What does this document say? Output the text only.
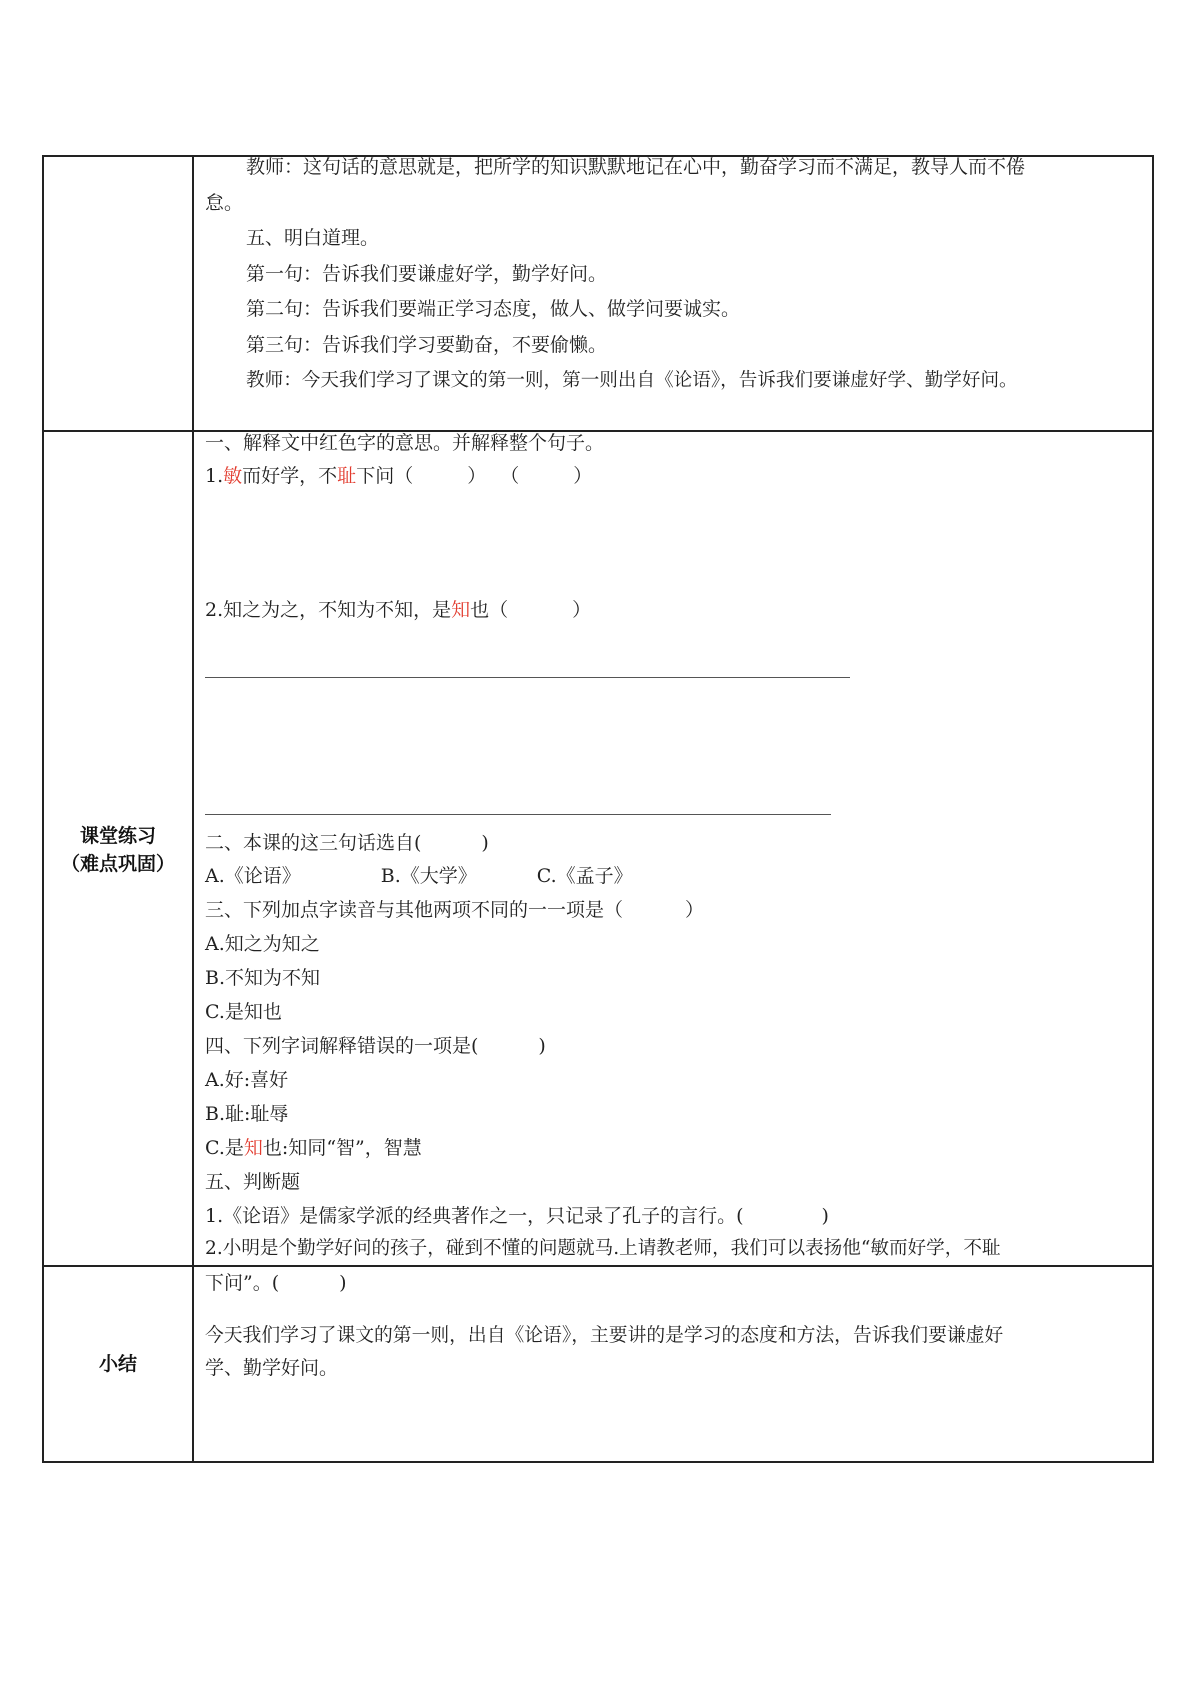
教师：这句话的意思就是，把所学的知识默默地记在心中，勤奋学习而不满足，教导人而不倦
怠。
五、明白道理。
第一句：告诉我们要谦虚好学，勤学好问。
第二句：告诉我们要端正学习态度，做人、做学问要诚实。
第三句：告诉我们学习要勤奋，不要偷懒。
教师：今天我们学习了课文的第一则，第一则出自《论语》，告诉我们要谦虚好学、勤学好问。
课堂练习
（难点巩固）
一、解释文中红色字的意思。并解释整个句子。
1.敏而好学，不耻下问（	） （	）
2.知之为之，不知为不知，是知也（	）
二、本课的这三句话选自(	)
A.《论语》	B.《大学》	C.《孟子》
三、下列加点字读音与其他两项不同的一一项是（	）
A.知之为知之
B.不知为不知
C.是知也
四、下列字词解释错误的一项是(	)
A.好:喜好
B.耻:耻辱
C.是知也:知同“智”，智慧
五、判断题
1.《论语》是儒家学派的经典著作之一，只记录了孔子的言行。(	)
2.小明是个勤学好问的孩子，碰到不懂的问题就马.上请教老师，我们可以表扬他“敏而好学，不耻
下问”。(	)
小结
今天我们学习了课文的第一则，出自《论语》，主要讲的是学习的态度和方法，告诉我们要谦虚好
学、勤学好问。
